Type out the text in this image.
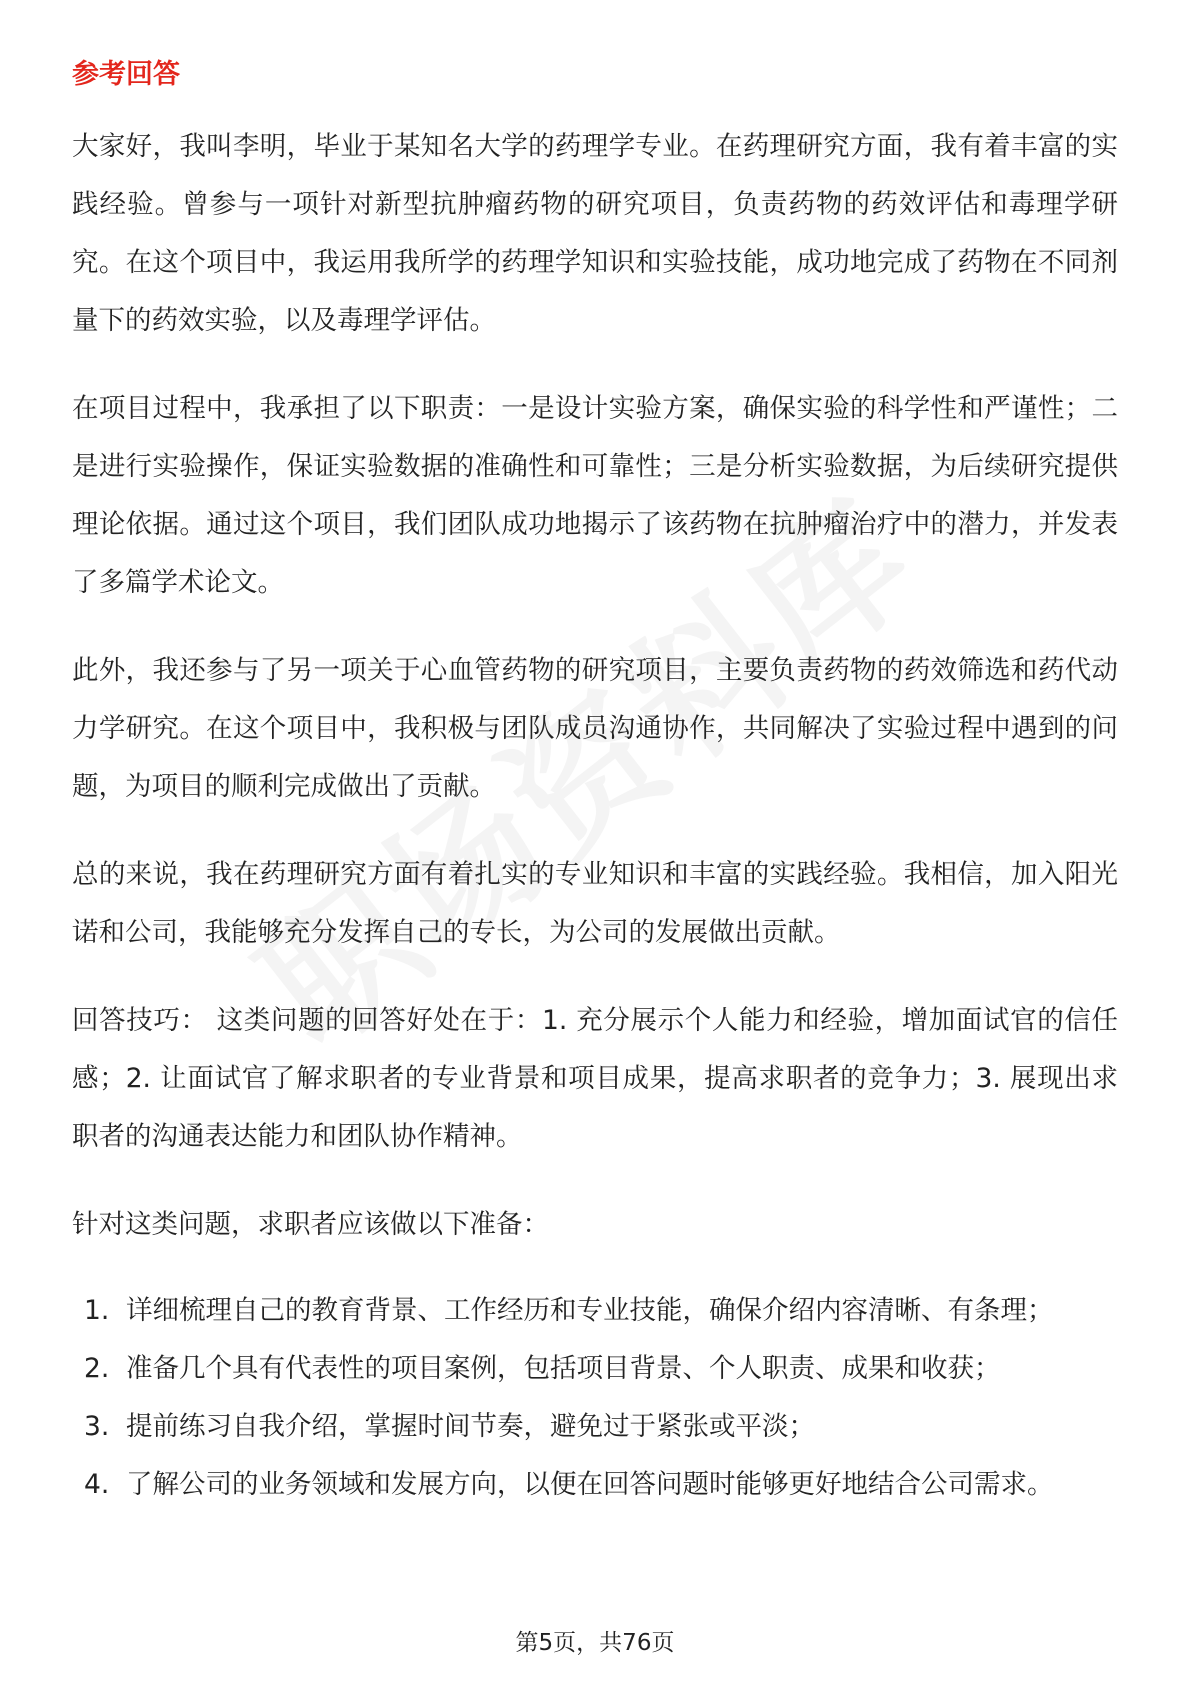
参考回答

大家好，我叫李明，毕业于某知名大学的药理学专业。在药理研究方面，我有着丰富的实践经验。曾参与一项针对新型抗肿瘤药物的研究项目，负责药物的药效评估和毒理学研究。在这个项目中，我运用我所学的药理学知识和实验技能，成功地完成了药物在不同剂量下的药效实验，以及毒理学评估。

在项目过程中，我承担了以下职责：一是设计实验方案，确保实验的科学性和严谨性；二是进行实验操作，保证实验数据的准确性和可靠性；三是分析实验数据，为后续研究提供理论依据。通过这个项目，我们团队成功地揭示了该药物在抗肿瘤治疗中的潜力，并发表了多篇学术论文。

此外，我还参与了另一项关于心血管药物的研究项目，主要负责药物的药效筛选和药代动力学研究。在这个项目中，我积极与团队成员沟通协作，共同解决了实验过程中遇到的问题，为项目的顺利完成做出了贡献。

总的来说，我在药理研究方面有着扎实的专业知识和丰富的实践经验。我相信，加入阳光诺和公司，我能够充分发挥自己的专长，为公司的发展做出贡献。

回答技巧： 这类问题的回答好处在于：1. 充分展示个人能力和经验，增加面试官的信任感；2. 让面试官了解求职者的专业背景和项目成果，提高求职者的竞争力；3. 展现出求职者的沟通表达能力和团队协作精神。

针对这类问题，求职者应该做以下准备：

1. 详细梳理自己的教育背景、工作经历和专业技能，确保介绍内容清晰、有条理；
2. 准备几个具有代表性的项目案例，包括项目背景、个人职责、成果和收获；
3. 提前练习自我介绍，掌握时间节奏，避免过于紧张或平淡；
4. 了解公司的业务领域和发展方向，以便在回答问题时能够更好地结合公司需求。
第5页，共76页
